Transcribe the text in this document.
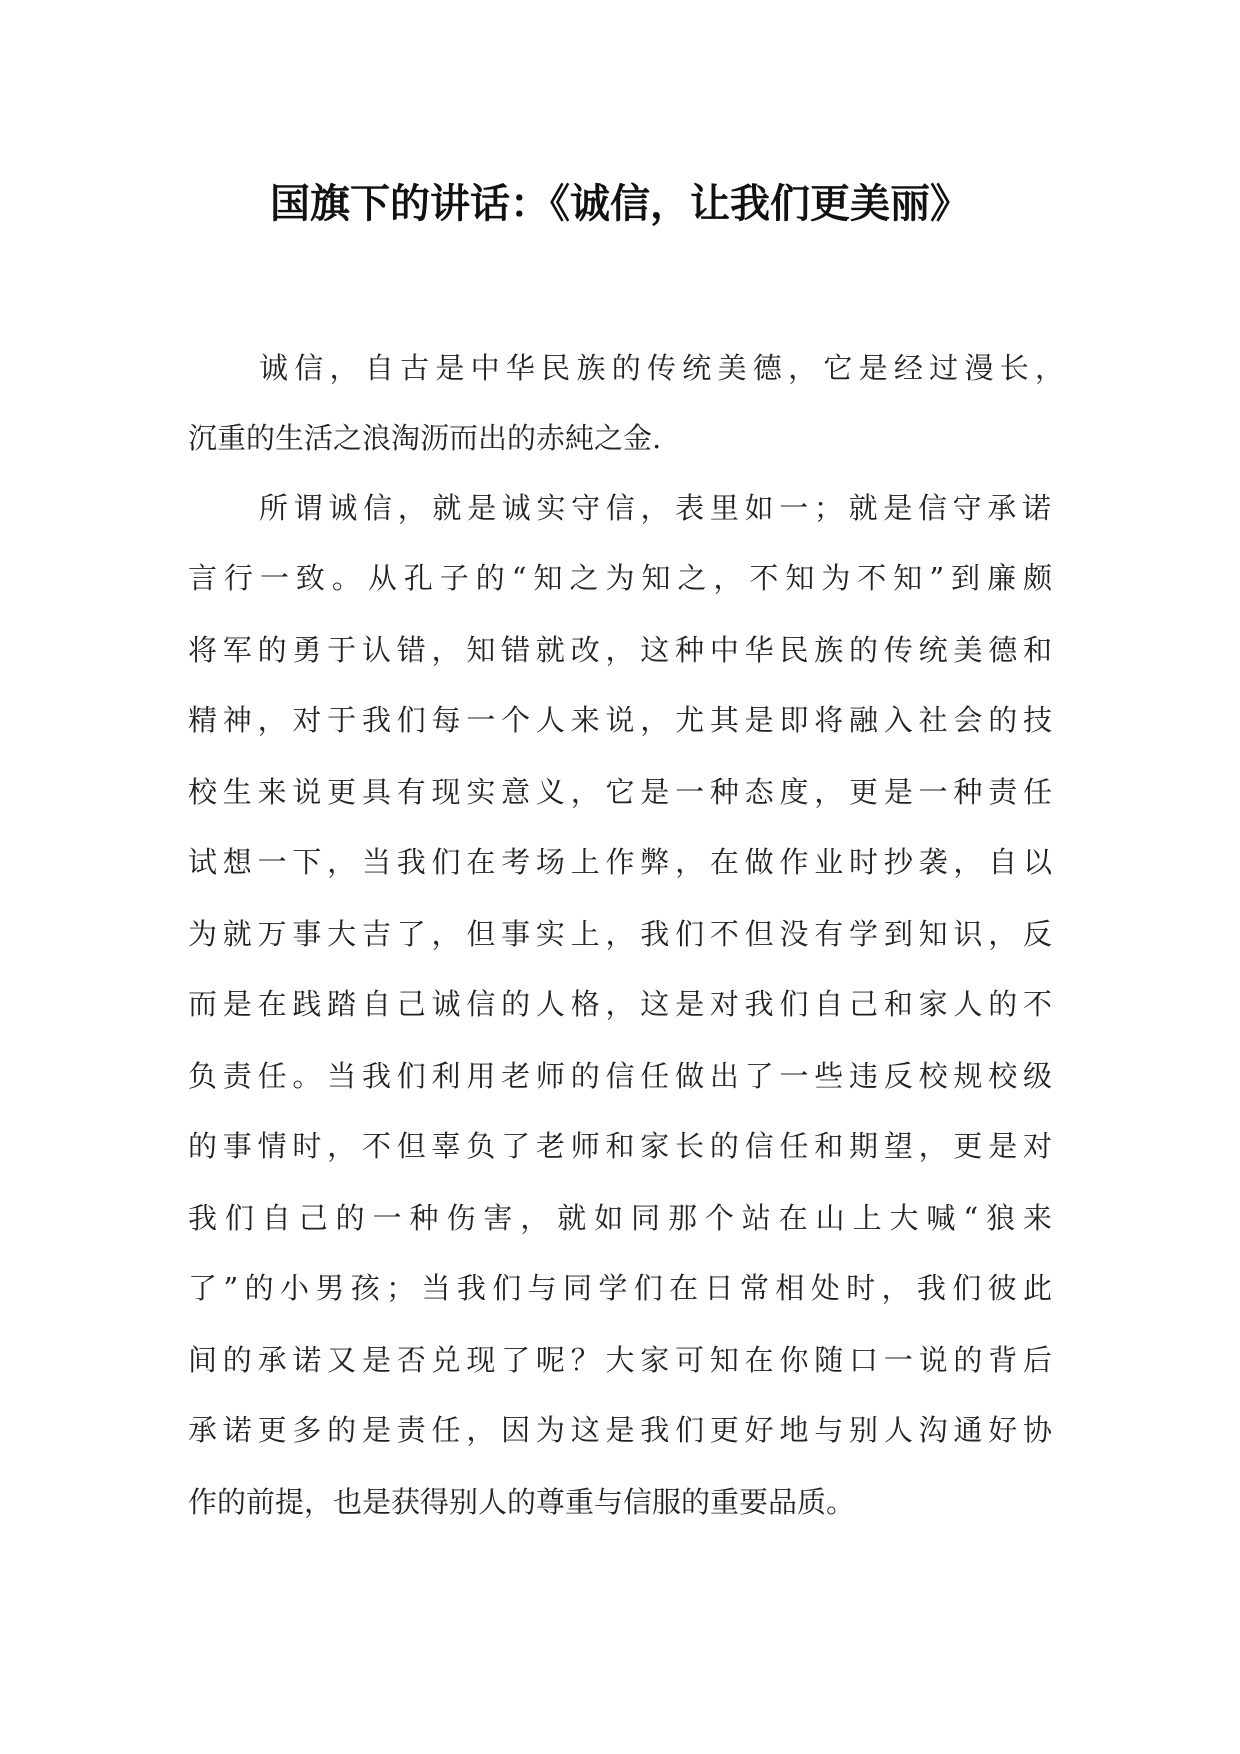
国旗下的讲话：《诚信，让我们更美丽》
诚信，自古是中华民族的传统美德，它是经过漫长，
沉重的生活之浪淘沥而出的赤純之金.
所谓诚信，就是诚实守信，表里如一；就是信守承诺
言行一致。从孔子的“知之为知之，不知为不知”到廉颇
将军的勇于认错，知错就改，这种中华民族的传统美德和
精神，对于我们每一个人来说，尤其是即将融入社会的技
校生来说更具有现实意义，它是一种态度，更是一种责任
试想一下，当我们在考场上作弊，在做作业时抄袭，自以
为就万事大吉了，但事实上，我们不但没有学到知识，反
而是在践踏自己诚信的人格，这是对我们自己和家人的不
负责任。当我们利用老师的信任做出了一些违反校规校级
的事情时，不但辜负了老师和家长的信任和期望，更是对
我们自己的一种伤害，就如同那个站在山上大喊“狼来
了”的小男孩；当我们与同学们在日常相处时，我们彼此
间的承诺又是否兑现了呢？大家可知在你随口一说的背后
承诺更多的是责任，因为这是我们更好地与别人沟通好协
作的前提，也是获得别人的尊重与信服的重要品质。
